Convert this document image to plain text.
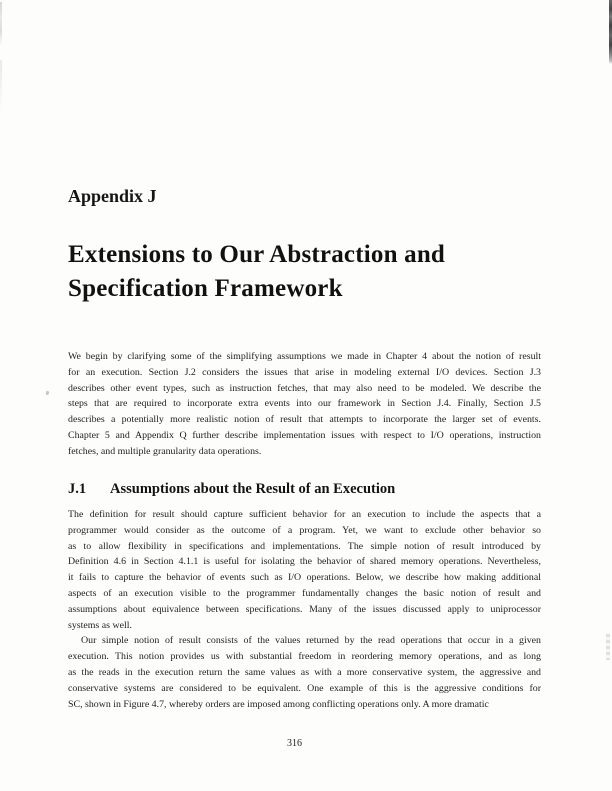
Appendix J
Extensions to Our Abstraction and
Specification Framework
We begin by clarifying some of the simplifying assumptions we made in Chapter 4 about the notion of result
for an execution. Section J.2 considers the issues that arise in modeling external I/O devices. Section J.3
describes other event types, such as instruction fetches, that may also need to be modeled. We describe the
steps that are required to incorporate extra events into our framework in Section J.4. Finally, Section J.5
describes a potentially more realistic notion of result that attempts to incorporate the larger set of events.
Chapter 5 and Appendix Q further describe implementation issues with respect to I/O operations, instruction
fetches, and multiple granularity data operations.
J.1 Assumptions about the Result of an Execution
The definition for result should capture sufficient behavior for an execution to include the aspects that a
programmer would consider as the outcome of a program. Yet, we want to exclude other behavior so
as to allow flexibility in specifications and implementations. The simple notion of result introduced by
Definition 4.6 in Section 4.1.1 is useful for isolating the behavior of shared memory operations. Nevertheless,
it fails to capture the behavior of events such as I/O operations. Below, we describe how making additional
aspects of an execution visible to the programmer fundamentally changes the basic notion of result and
assumptions about equivalence between specifications. Many of the issues discussed apply to uniprocessor
systems as well.
Our simple notion of result consists of the values returned by the read operations that occur in a given
execution. This notion provides us with substantial freedom in reordering memory operations, and as long
as the reads in the execution return the same values as with a more conservative system, the aggressive and
conservative systems are considered to be equivalent. One example of this is the aggressive conditions for
SC, shown in Figure 4.7, whereby orders are imposed among conflicting operations only. A more dramatic
316
